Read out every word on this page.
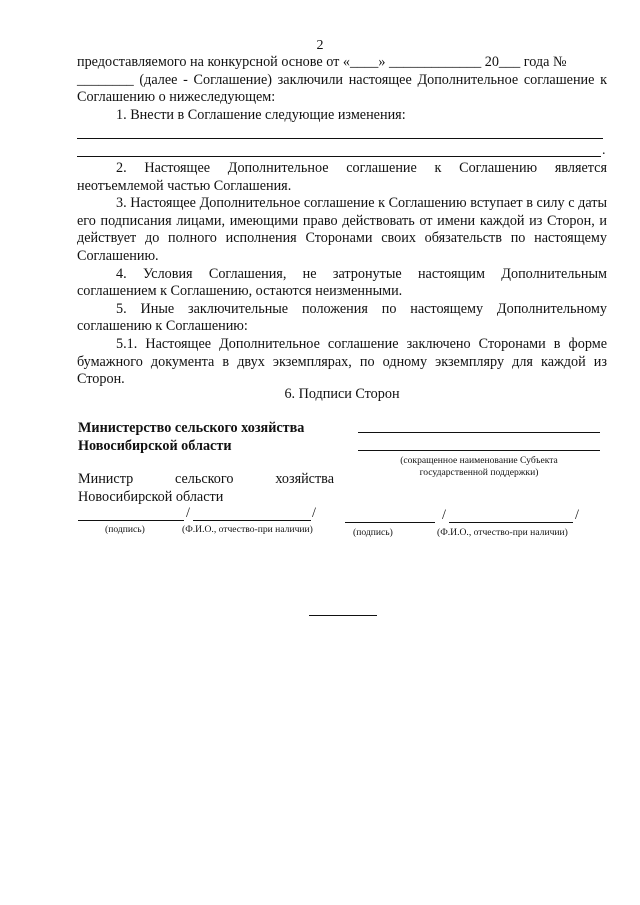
2
предоставляемого на конкурсной основе от «____» _____________ 20___ года №
________ (далее - Соглашение) заключили настоящее Дополнительное соглашение к Соглашению о нижеследующем:
1. Внести в Соглашение следующие изменения:
.
2. Настоящее Дополнительное соглашение к Соглашению является неотъемлемой частью Соглашения.
3. Настоящее Дополнительное соглашение к Соглашению вступает в силу с даты его подписания лицами, имеющими право действовать от имени каждой из Сторон, и действует до полного исполнения Сторонами своих обязательств по настоящему Соглашению.
4. Условия Соглашения, не затронутые настоящим Дополнительным соглашением к Соглашению, остаются неизменными.
5. Иные заключительные положения по настоящему Дополнительному соглашению к Соглашению:
5.1. Настоящее Дополнительное соглашение заключено Сторонами в форме бумажного документа в двух экземплярах, по одному экземпляру для каждой из Сторон.
6. Подписи Сторон
Министерство сельского хозяйства
Новосибирской области
(сокращенное наименование Субъекта
государственной поддержки)
Министр сельского хозяйства
Новосибирской области
/	/
(подпись)	(Ф.И.О., отчество-при наличии)
/	/
(подпись)	(Ф.И.О., отчество-при наличии)
